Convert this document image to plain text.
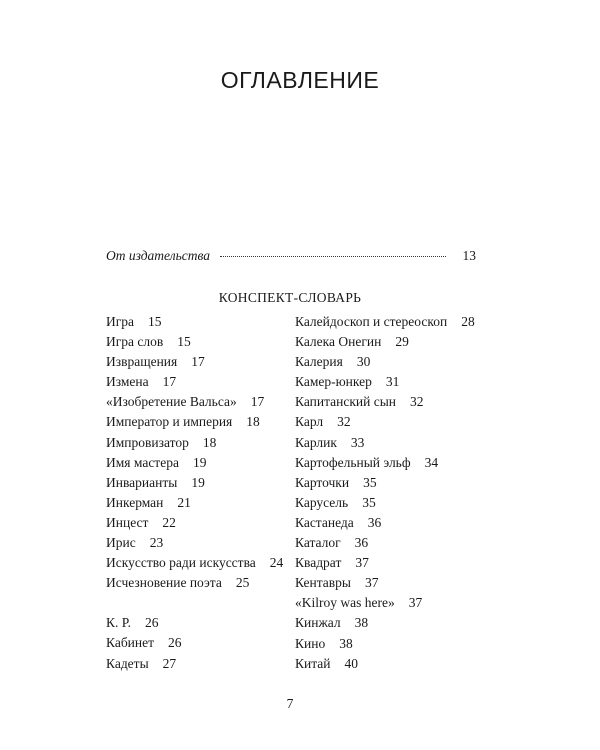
ОГЛАВЛЕНИЕ
От издательства	13
КОНСПЕКТ-СЛОВАРЬ
Игра 15
Игра слов 15
Извращения 17
Измена 17
«Изобретение Вальса» 17
Император и империя 18
Импровизатор 18
Имя мастера 19
Инварианты 19
Инкерман 21
Инцест 22
Ирис 23
Искусство ради искусства 24
Исчезновение поэта 25
К. Р. 26
Кабинет 26
Кадеты 27
Калейдоскоп и стереоскоп 28
Калека Онегин 29
Калерия 30
Камер-юнкер 31
Капитанский сын 32
Карл 32
Карлик 33
Картофельный эльф 34
Карточки 35
Карусель 35
Кастанеда 36
Каталог 36
Квадрат 37
Кентавры 37
«Kilroy was here» 37
Кинжал 38
Кино 38
Китай 40
7
